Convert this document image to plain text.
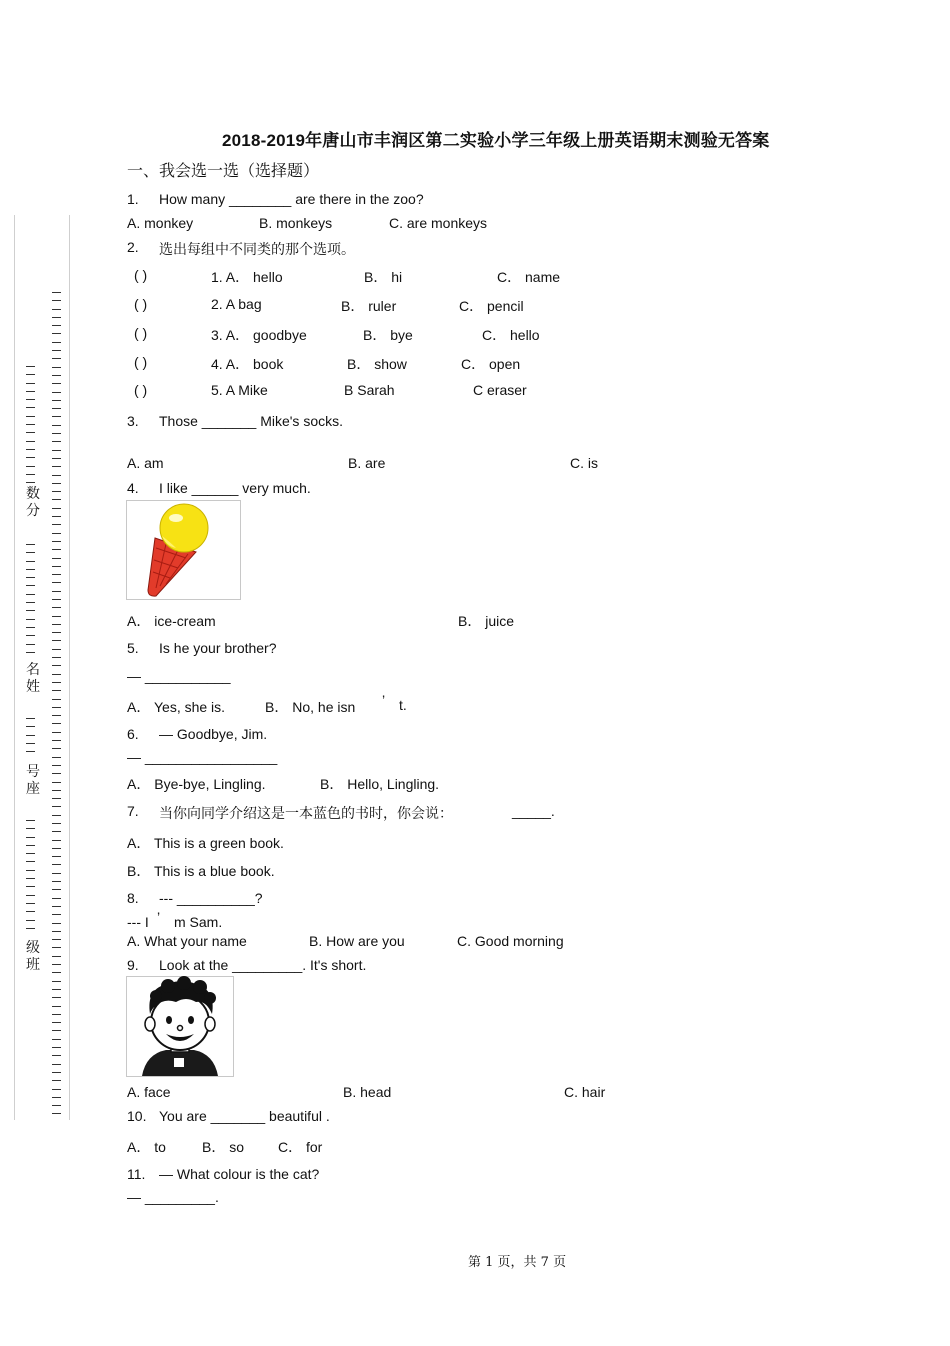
数
分
名
姓
号
座
级
班
2018-2019年唐山市丰润区第二实验小学三年级上册英语期末测验无答案
一、我会选一选（选择题）
1. How many ________ are there in the zoo?
A. monkey	B. monkeys	C. are monkeys
2. 选出每组中不同类的那个选项。
( )	1. A． hello	B． hi	C． name
( )	2. A bag	B． ruler	C． pencil
( )	3. A． goodbye	B． bye	C． hello
( )	4. A． book	B． show	C． open
( )	5. A Mike	B Sarah	C eraser
3. Those _______ Mike's socks.
A. am	B. are	C. is
4. I like ______ very much.
A． ice-cream	B． juice
5. Is he your brother?
— ___________
A． Yes, she is.	B． No, he isn ’ t.
6. — Goodbye, Jim.
— _________________
A． Bye-bye, Lingling.	B． Hello, Lingling.
7. 当你向同学介绍这是一本蓝色的书时，你会说：	_____.
A． This is a green book.
B． This is a blue book.
8. --- __________?
--- I ’ m Sam.
A. What your name	B. How are you	C. Good morning
9. Look at the _________. It's short.
A. face	B. head	C. hair
10. You are _______ beautiful .
A． to	B． so C． for
11. — What colour is the cat?
— _________.
第 1 页，共 7 页
